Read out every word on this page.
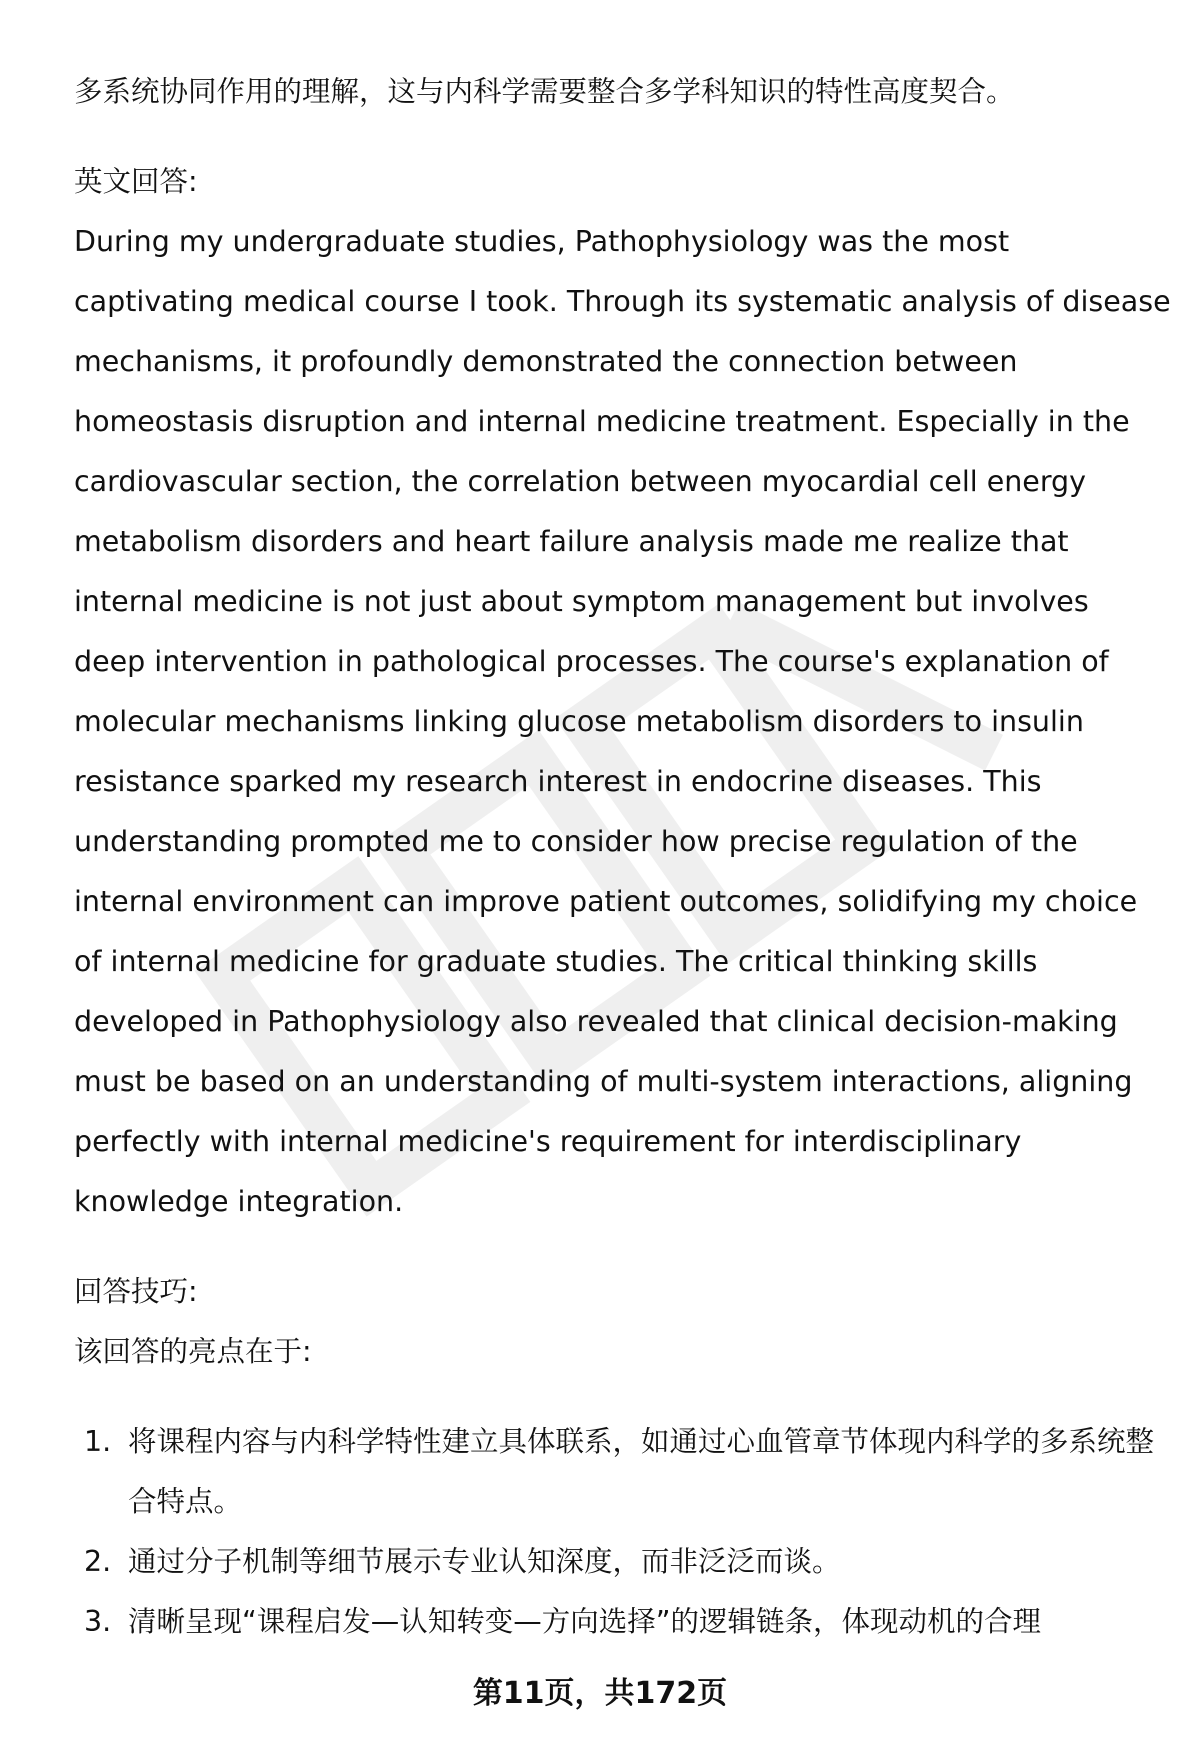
多系统协同作用的理解，这与内科学需要整合多学科知识的特性高度契合。

英文回答:

During my undergraduate studies, Pathophysiology was the most

captivating medical course I took. Through its systematic analysis of disease

mechanisms, it profoundly demonstrated the connection between

homeostasis disruption and internal medicine treatment. Especially in the

cardiovascular section, the correlation between myocardial cell energy

metabolism disorders and heart failure analysis made me realize that

internal medicine is not just about symptom management but involves

deep intervention in pathological processes. The course's explanation of

molecular mechanisms linking glucose metabolism disorders to insulin

resistance sparked my research interest in endocrine diseases. This

understanding prompted me to consider how precise regulation of the

internal environment can improve patient outcomes, solidifying my choice

of internal medicine for graduate studies. The critical thinking skills

developed in Pathophysiology also revealed that clinical decision-making

must be based on an understanding of multi-system interactions, aligning

perfectly with internal medicine's requirement for interdisciplinary

knowledge integration.

回答技巧:

该回答的亮点在于:

1. 将课程内容与内科学特性建立具体联系，如通过心血管章节体现内科学的多系统整合特点。
2. 通过分子机制等细节展示专业认知深度，而非泛泛而谈。
3. 清晰呈现“课程启发—认知转变—方向选择”的逻辑链条，体现动机的合理
第11页，共172页
